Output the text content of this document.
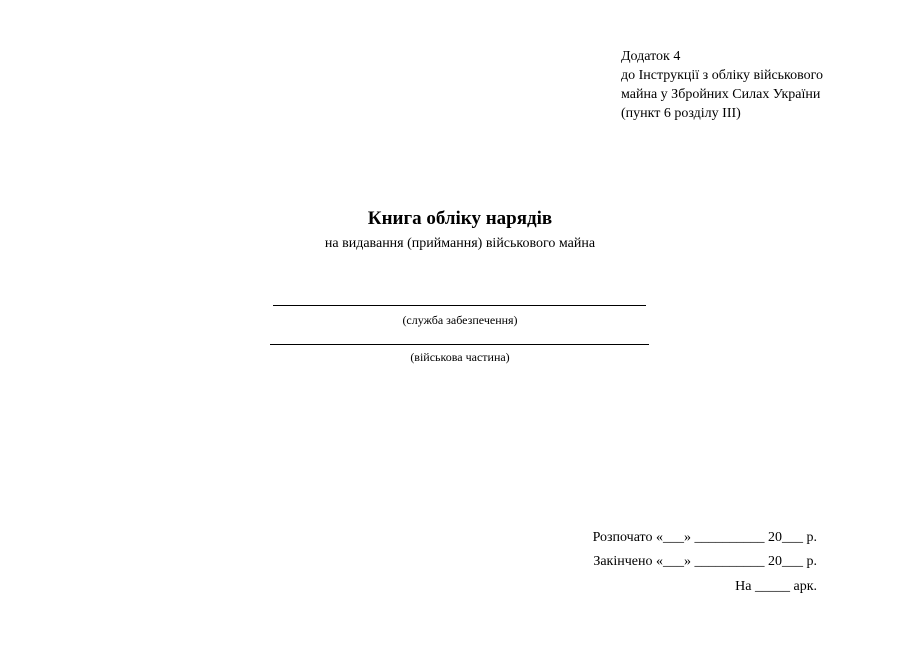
Додаток 4
до Інструкції з обліку військового
майна у Збройних Силах України
(пункт 6 розділу ІІІ)
Книга обліку нарядів
на видавання (приймання) військового майна
(служба забезпечення)
(військова частина)
Розпочато «___» __________ 20___ р.
Закінчено «___» __________ 20___ р.
На _____ арк.
